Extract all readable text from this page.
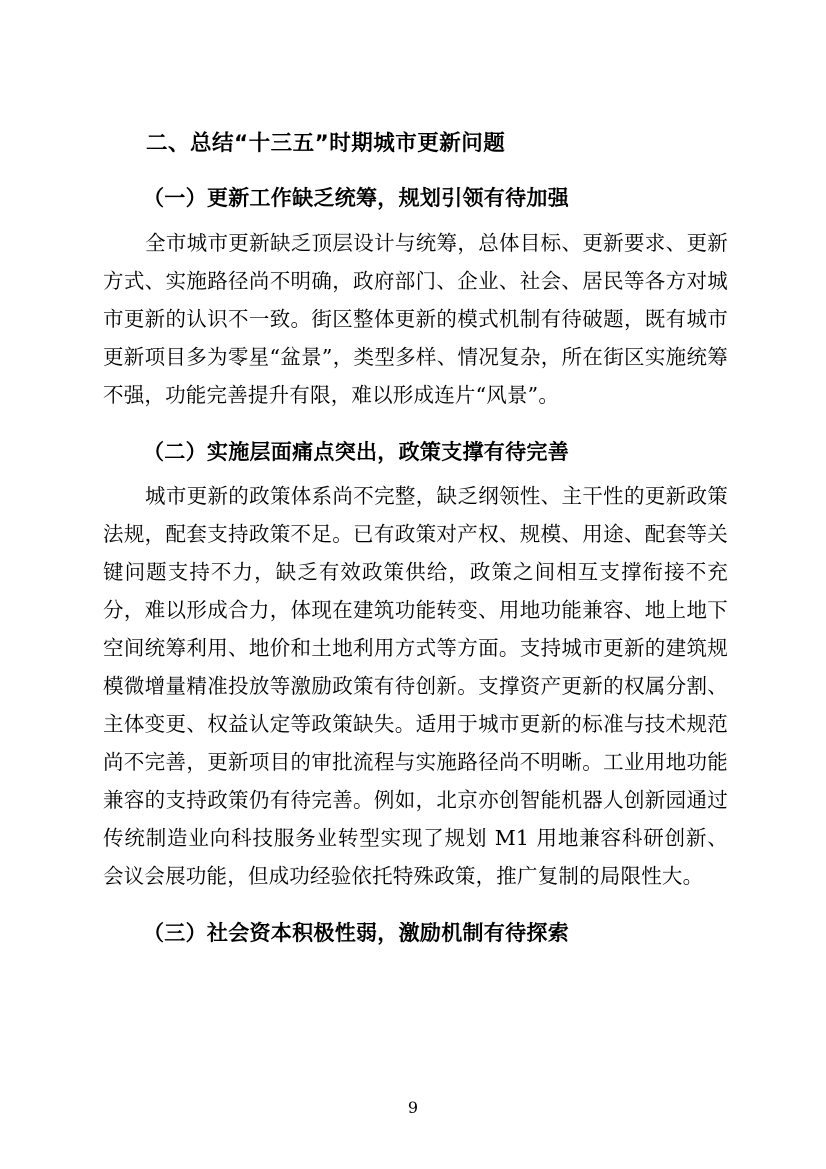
二、总结“十三五”时期城市更新问题
（一）更新工作缺乏统筹，规划引领有待加强

全市城市更新缺乏顶层设计与统筹，总体目标、更新要求、更新方式、实施路径尚不明确，政府部门、企业、社会、居民等各方对城市更新的认识不一致。街区整体更新的模式机制有待破题，既有城市更新项目多为零星“盆景”，类型多样、情况复杂，所在街区实施统筹不强，功能完善提升有限，难以形成连片“风景”。

（二）实施层面痛点突出，政策支撑有待完善

城市更新的政策体系尚不完整，缺乏纲领性、主干性的更新政策法规，配套支持政策不足。已有政策对产权、规模、用途、配套等关键问题支持不力，缺乏有效政策供给，政策之间相互支撑衔接不充分，难以形成合力，体现在建筑功能转变、用地功能兼容、地上地下空间统筹利用、地价和土地利用方式等方面。支持城市更新的建筑规模微增量精准投放等激励政策有待创新。支撑资产更新的权属分割、主体变更、权益认定等政策缺失。适用于城市更新的标准与技术规范尚不完善，更新项目的审批流程与实施路径尚不明晰。工业用地功能兼容的支持政策仍有待完善。例如，北京亦创智能机器人创新园通过传统制造业向科技服务业转型实现了规划 M1 用地兼容科研创新、会议会展功能，但成功经验依托特殊政策，推广复制的局限性大。

（三）社会资本积极性弱，激励机制有待探索
9
